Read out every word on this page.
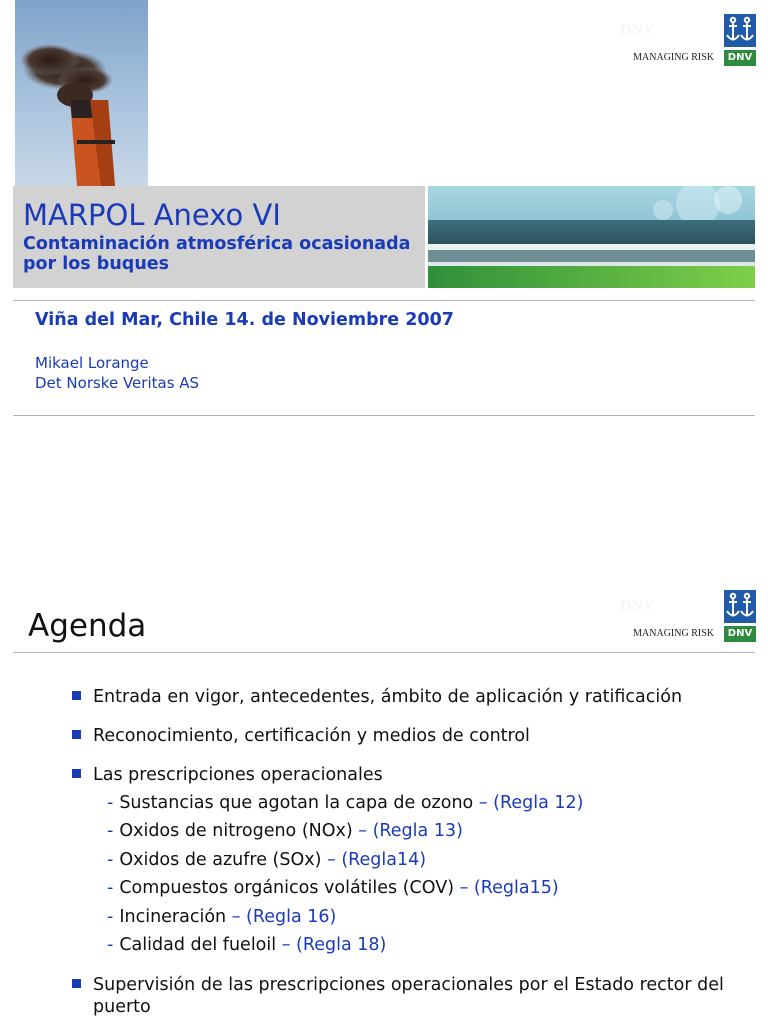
MARPOL Anexo VI
Contaminación atmosférica ocasionada por los buques
DNV
DNV
MANAGING RISK
Viña del Mar, Chile 14. de Noviembre 2007
Mikael Lorange
Det Norske Veritas AS
DNV
DNV
MANAGING RISK
Agenda
Entrada en vigor, antecedentes, ámbito de aplicación y ratificación
Reconocimiento, certificación y medios de control
Las prescripciones operacionales
- Sustancias que agotan la capa de ozono – (Regla 12)
- Oxidos de nitrogeno (NOx) – (Regla 13)
- Oxidos de azufre (SOx) – (Regla14)
- Compuestos orgánicos volátiles (COV) – (Regla15)
- Incineración – (Regla 16)
- Calidad del fueloil – (Regla 18)
Supervisión de las prescripciones operacionales por el Estado rector del puerto
